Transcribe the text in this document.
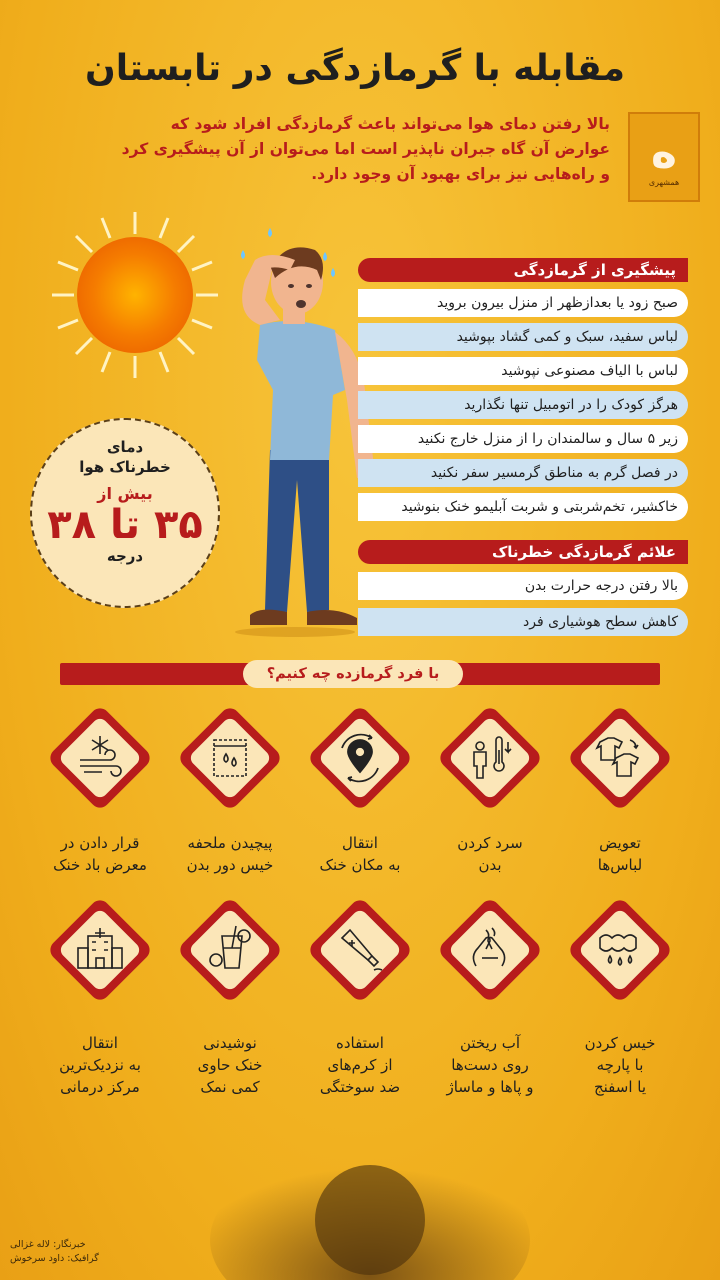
مقابله با گرمازدگی در تابستان
بالا رفتن دمای هوا می‌تواند باعث گرمازدگی افراد شود که عوارض آن گاه جبران ناپذیر است اما می‌توان از آن پیشگیری کرد و راه‌هایی نیز برای بهبود آن وجود دارد. ه
همشهری
پیشگیری از گرمازدگی
صبح زود یا بعدازظهر از منزل بیرون بروید
لباس سفید، سبک و کمی گشاد بپوشید
لباس با الیاف مصنوعی نپوشید
هرگز کودک را در اتومبیل تنها نگذارید
زیر ۵ سال و سالمندان را از منزل خارج نکنید
در فصل گرم به مناطق گرمسیر سفر نکنید
خاکشیر، تخم‌شربتی و شربت آبلیمو خنک بنوشید
علائم گرمازدگی خطرناک
بالا رفتن درجه حرارت بدن
کاهش سطح هوشیاری فرد
دمای
خطرناک هوا
بیش از
۳۵ تا ۳۸
درجه
با فرد گرمازده چه کنیم؟
تعویض
لباس‌ها
سرد کردن
بدن
انتقال
به مکان خنک
پیچیدن ملحفه
خیس دور بدن
قرار دادن در
معرض باد خنک
خیس کردن
با پارچه
یا اسفنج
آب ریختن
روی دست‌ها
و پاها و ماساژ
استفاده
از کرم‌های
ضد سوختگی
نوشیدنی
خنک حاوی
کمی نمک
انتقال
به نزدیک‌ترین
مرکز درمانی
خبرنگار: لاله غزالی
گرافیک: داود سرخوش
